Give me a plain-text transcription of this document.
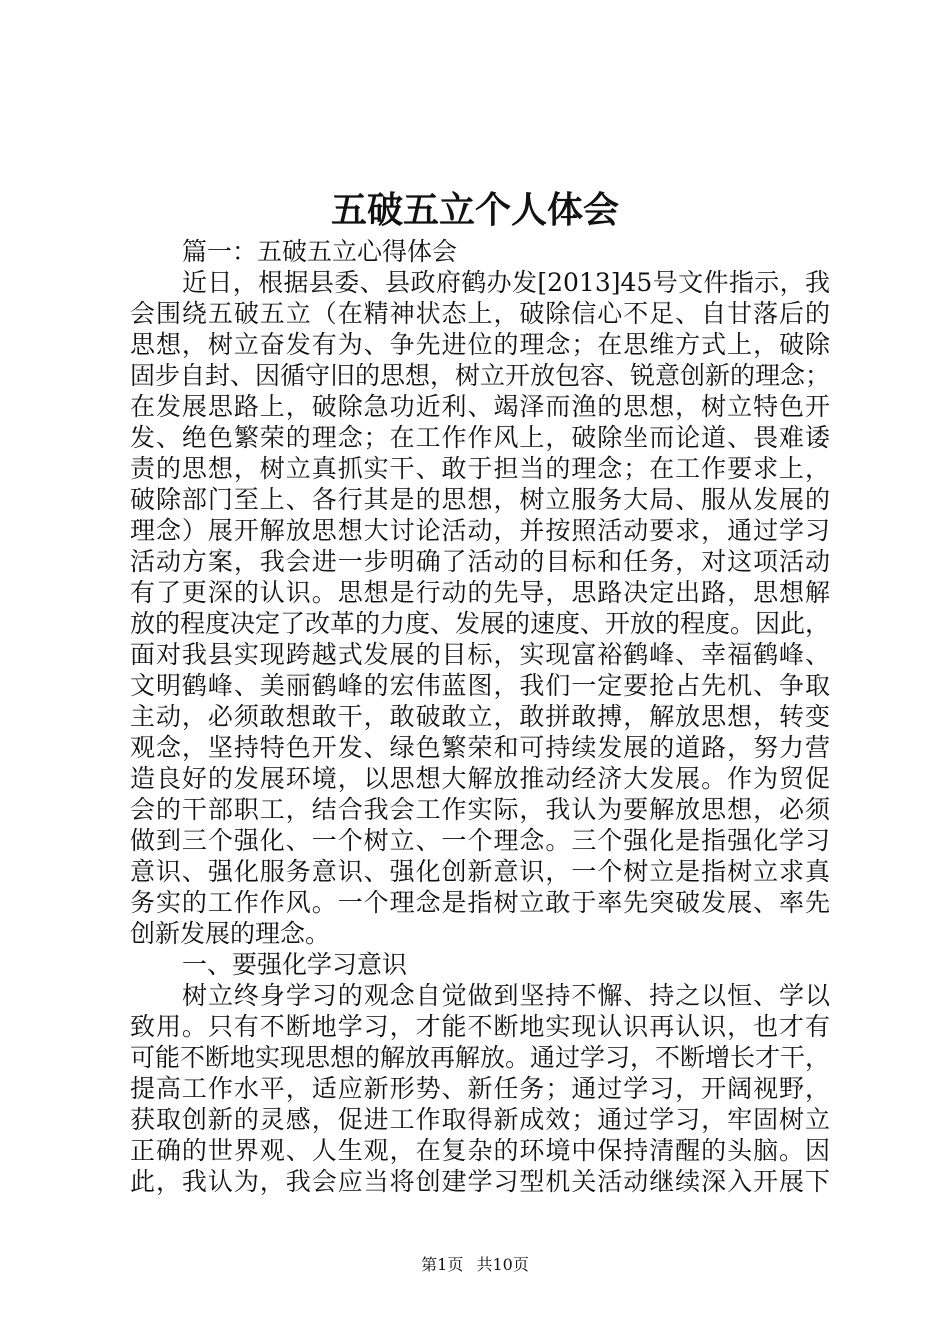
五破五立个人体会
篇一：五破五立心得体会
近日，根据县委、县政府鹤办发[2013]45号文件指示，我
会围绕五破五立（在精神状态上，破除信心不足、自甘落后的
思想，树立奋发有为、争先进位的理念；在思维方式上，破除
固步自封、因循守旧的思想，树立开放包容、锐意创新的理念；
在发展思路上，破除急功近利、竭泽而渔的思想，树立特色开
发、绝色繁荣的理念；在工作作风上，破除坐而论道、畏难诿
责的思想，树立真抓实干、敢于担当的理念；在工作要求上，
破除部门至上、各行其是的思想，树立服务大局、服从发展的
理念）展开解放思想大讨论活动，并按照活动要求，通过学习
活动方案，我会进一步明确了活动的目标和任务，对这项活动
有了更深的认识。思想是行动的先导，思路决定出路，思想解
放的程度决定了改革的力度、发展的速度、开放的程度。因此，
面对我县实现跨越式发展的目标，实现富裕鹤峰、幸福鹤峰、
文明鹤峰、美丽鹤峰的宏伟蓝图，我们一定要抢占先机、争取
主动，必须敢想敢干，敢破敢立，敢拼敢搏，解放思想，转变
观念，坚持特色开发、绿色繁荣和可持续发展的道路，努力营
造良好的发展环境，以思想大解放推动经济大发展。作为贸促
会的干部职工，结合我会工作实际，我认为要解放思想，必须
做到三个强化、一个树立、一个理念。三个强化是指强化学习
意识、强化服务意识、强化创新意识，一个树立是指树立求真
务实的工作作风。一个理念是指树立敢于率先突破发展、率先
创新发展的理念。
一、要强化学习意识
树立终身学习的观念自觉做到坚持不懈、持之以恒、学以
致用。只有不断地学习，才能不断地实现认识再认识，也才有
可能不断地实现思想的解放再解放。通过学习，不断增长才干，
提高工作水平，适应新形势、新任务；通过学习，开阔视野，
获取创新的灵感，促进工作取得新成效；通过学习，牢固树立
正确的世界观、人生观，在复杂的环境中保持清醒的头脑。因
此，我认为，我会应当将创建学习型机关活动继续深入开展下
第1页 共10页
